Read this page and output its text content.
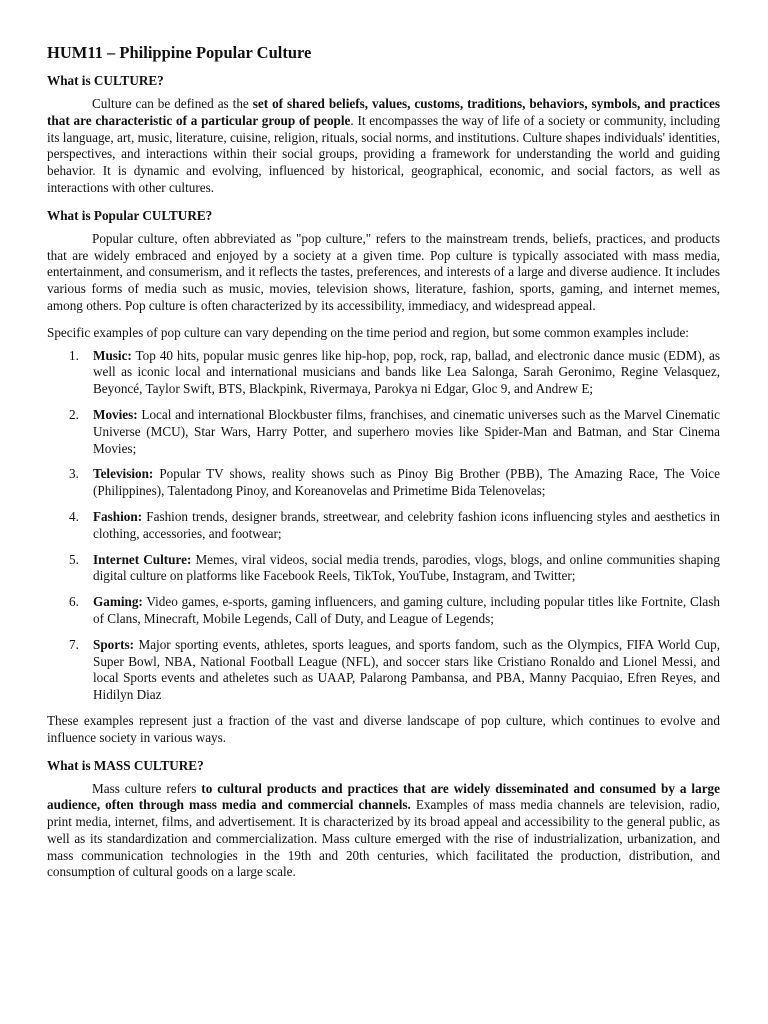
HUM11 – Philippine Popular Culture
What is CULTURE?

Culture can be defined as the set of shared beliefs, values, customs, traditions, behaviors, symbols, and practices that are characteristic of a particular group of people. It encompasses the way of life of a society or community, including its language, art, music, literature, cuisine, religion, rituals, social norms, and institutions. Culture shapes individuals' identities, perspectives, and interactions within their social groups, providing a framework for understanding the world and guiding behavior. It is dynamic and evolving, influenced by historical, geographical, economic, and social factors, as well as interactions with other cultures.

What is Popular CULTURE?

Popular culture, often abbreviated as "pop culture," refers to the mainstream trends, beliefs, practices, and products that are widely embraced and enjoyed by a society at a given time. Pop culture is typically associated with mass media, entertainment, and consumerism, and it reflects the tastes, preferences, and interests of a large and diverse audience. It includes various forms of media such as music, movies, television shows, literature, fashion, sports, gaming, and internet memes, among others. Pop culture is often characterized by its accessibility, immediacy, and widespread appeal.

Specific examples of pop culture can vary depending on the time period and region, but some common examples include:

1. Music: Top 40 hits, popular music genres like hip-hop, pop, rock, rap, ballad, and electronic dance music (EDM), as well as iconic local and international musicians and bands like Lea Salonga, Sarah Geronimo, Regine Velasquez, Beyoncé, Taylor Swift, BTS, Blackpink, Rivermaya, Parokya ni Edgar, Gloc 9, and Andrew E;
2. Movies: Local and international Blockbuster films, franchises, and cinematic universes such as the Marvel Cinematic Universe (MCU), Star Wars, Harry Potter, and superhero movies like Spider-Man and Batman, and Star Cinema Movies;
3. Television: Popular TV shows, reality shows such as Pinoy Big Brother (PBB), The Amazing Race, The Voice (Philippines), Talentadong Pinoy, and Koreanovelas and Primetime Bida Telenovelas;
4. Fashion: Fashion trends, designer brands, streetwear, and celebrity fashion icons influencing styles and aesthetics in clothing, accessories, and footwear;
5. Internet Culture: Memes, viral videos, social media trends, parodies, vlogs, blogs, and online communities shaping digital culture on platforms like Facebook Reels, TikTok, YouTube, Instagram, and Twitter;
6. Gaming: Video games, e-sports, gaming influencers, and gaming culture, including popular titles like Fortnite, Clash of Clans, Minecraft, Mobile Legends, Call of Duty, and League of Legends;
7. Sports: Major sporting events, athletes, sports leagues, and sports fandom, such as the Olympics, FIFA World Cup, Super Bowl, NBA, National Football League (NFL), and soccer stars like Cristiano Ronaldo and Lionel Messi, and local Sports events and atheletes such as UAAP, Palarong Pambansa, and PBA, Manny Pacquiao, Efren Reyes, and Hidilyn Diaz

These examples represent just a fraction of the vast and diverse landscape of pop culture, which continues to evolve and influence society in various ways.

What is MASS CULTURE?

Mass culture refers to cultural products and practices that are widely disseminated and consumed by a large audience, often through mass media and commercial channels. Examples of mass media channels are television, radio, print media, internet, films, and advertisement. It is characterized by its broad appeal and accessibility to the general public, as well as its standardization and commercialization. Mass culture emerged with the rise of industrialization, urbanization, and mass communication technologies in the 19th and 20th centuries, which facilitated the production, distribution, and consumption of cultural goods on a large scale.
